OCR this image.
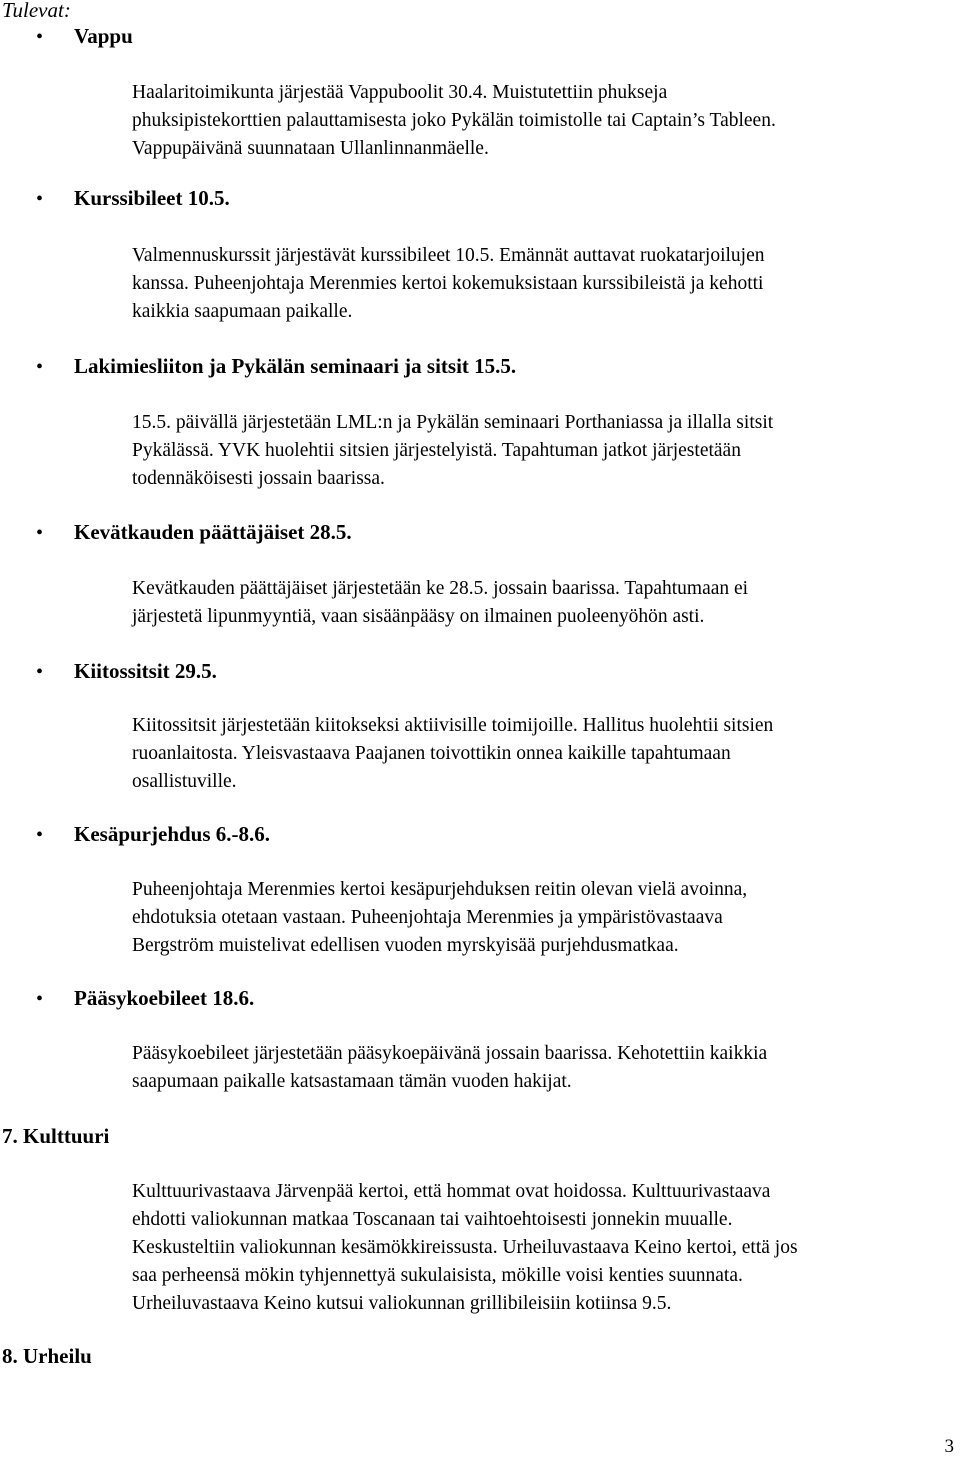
Tulevat:
• Vappu
Haalaritoimikunta järjestää Vappuboolit 30.4. Muistutettiin phukseja
phuksipistekorttien palauttamisesta joko Pykälän toimistolle tai Captain’s Tableen.
Vappupäivänä suunnataan Ullanlinnanmäelle.
• Kurssibileet 10.5.
Valmennuskurssit järjestävät kurssibileet 10.5. Emännät auttavat ruokatarjoilujen
kanssa. Puheenjohtaja Merenmies kertoi kokemuksistaan kurssibileistä ja kehotti
kaikkia saapumaan paikalle.
• Lakimiesliiton ja Pykälän seminaari ja sitsit 15.5.
15.5. päivällä järjestetään LML:n ja Pykälän seminaari Porthaniassa ja illalla sitsit
Pykälässä. YVK huolehtii sitsien järjestelyistä. Tapahtuman jatkot järjestetään
todennäköisesti jossain baarissa.
• Kevätkauden päättäjäiset 28.5.
Kevätkauden päättäjäiset järjestetään ke 28.5. jossain baarissa. Tapahtumaan ei
järjestetä lipunmyyntiä, vaan sisäänpääsy on ilmainen puoleenyöhön asti.
• Kiitossitsit 29.5.
Kiitossitsit järjestetään kiitokseksi aktiivisille toimijoille. Hallitus huolehtii sitsien
ruoanlaitosta. Yleisvastaava Paajanen toivottikin onnea kaikille tapahtumaan
osallistuville.
• Kesäpurjehdus 6.-8.6.
Puheenjohtaja Merenmies kertoi kesäpurjehduksen reitin olevan vielä avoinna,
ehdotuksia otetaan vastaan. Puheenjohtaja Merenmies ja ympäristövastaava
Bergström muistelivat edellisen vuoden myrskyisää purjehdusmatkaa.
• Pääsykoebileet 18.6.
Pääsykoebileet järjestetään pääsykoepäivänä jossain baarissa. Kehotettiin kaikkia
saapumaan paikalle katsastamaan tämän vuoden hakijat.
7. Kulttuuri
Kulttuurivastaava Järvenpää kertoi, että hommat ovat hoidossa. Kulttuurivastaava
ehdotti valiokunnan matkaa Toscanaan tai vaihtoehtoisesti jonnekin muualle.
Keskusteltiin valiokunnan kesämökkireissusta. Urheiluvastaava Keino kertoi, että jos
saa perheensä mökin tyhjennettyä sukulaisista, mökille voisi kenties suunnata.
Urheiluvastaava Keino kutsui valiokunnan grillibileisiin kotiinsa 9.5.
8. Urheilu
3
